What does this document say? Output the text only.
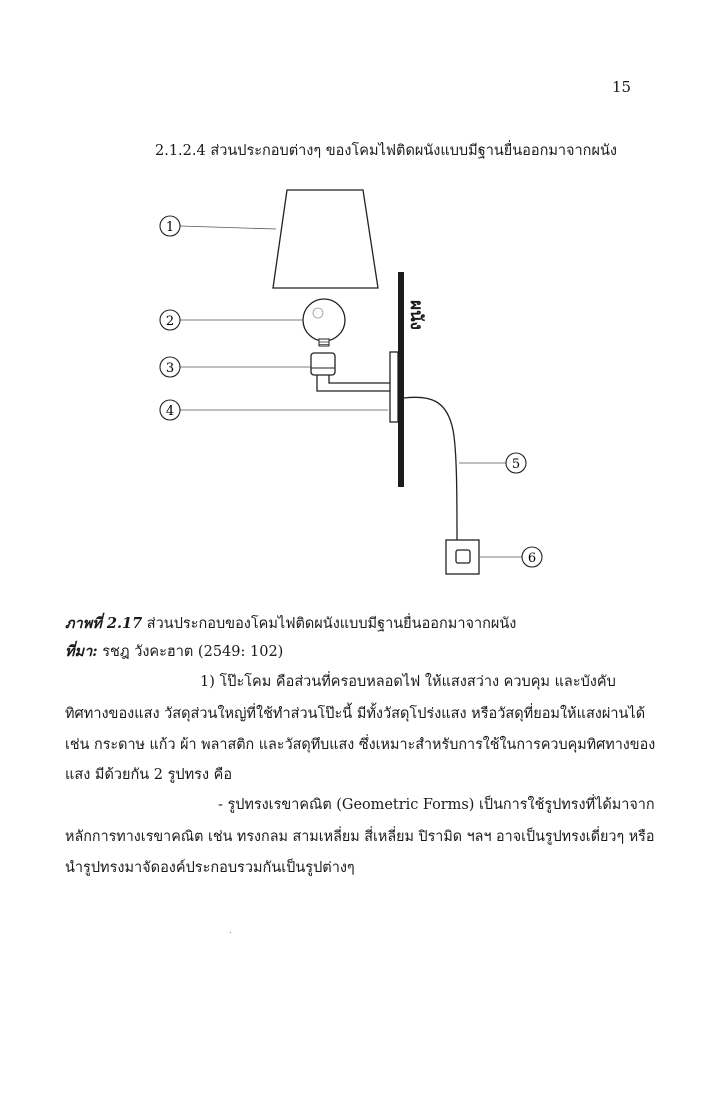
15
2.1.2.4 ส่วนประกอบต่างๆ ของโคมไฟติดผนังแบบมีฐานยื่นออกมาจากผนัง
ผนัง
1
2
3
4
5
6
ภาพที่ 2.17 ส่วนประกอบของโคมไฟติดผนังแบบมีฐานยื่นออกมาจากผนัง
ที่มา: รชฎ วังคะฮาต (2549: 102)
1) โป๊ะโคม คือส่วนที่ครอบหลอดไฟ ให้แสงสว่าง ควบคุม และบังคับ
ทิศทางของแสง วัสดุส่วนใหญ่ที่ใช้ทำส่วนโป๊ะนี้ มีทั้งวัสดุโปร่งแสง หรือวัสดุที่ยอมให้แสงผ่านได้
เช่น กระดาษ แก้ว ผ้า พลาสติก และวัสดุทึบแสง ซึ่งเหมาะสำหรับการใช้ในการควบคุมทิศทางของ
แสง มีด้วยกัน 2 รูปทรง คือ
- รูปทรงเรขาคณิต (Geometric Forms) เป็นการใช้รูปทรงที่ได้มาจาก
หลักการทางเรขาคณิต เช่น ทรงกลม สามเหลี่ยม สี่เหลี่ยม ปิรามิด ฯลฯ อาจเป็นรูปทรงเดี่ยวๆ หรือ
นำรูปทรงมาจัดองค์ประกอบรวมกันเป็นรูปต่างๆ
·
